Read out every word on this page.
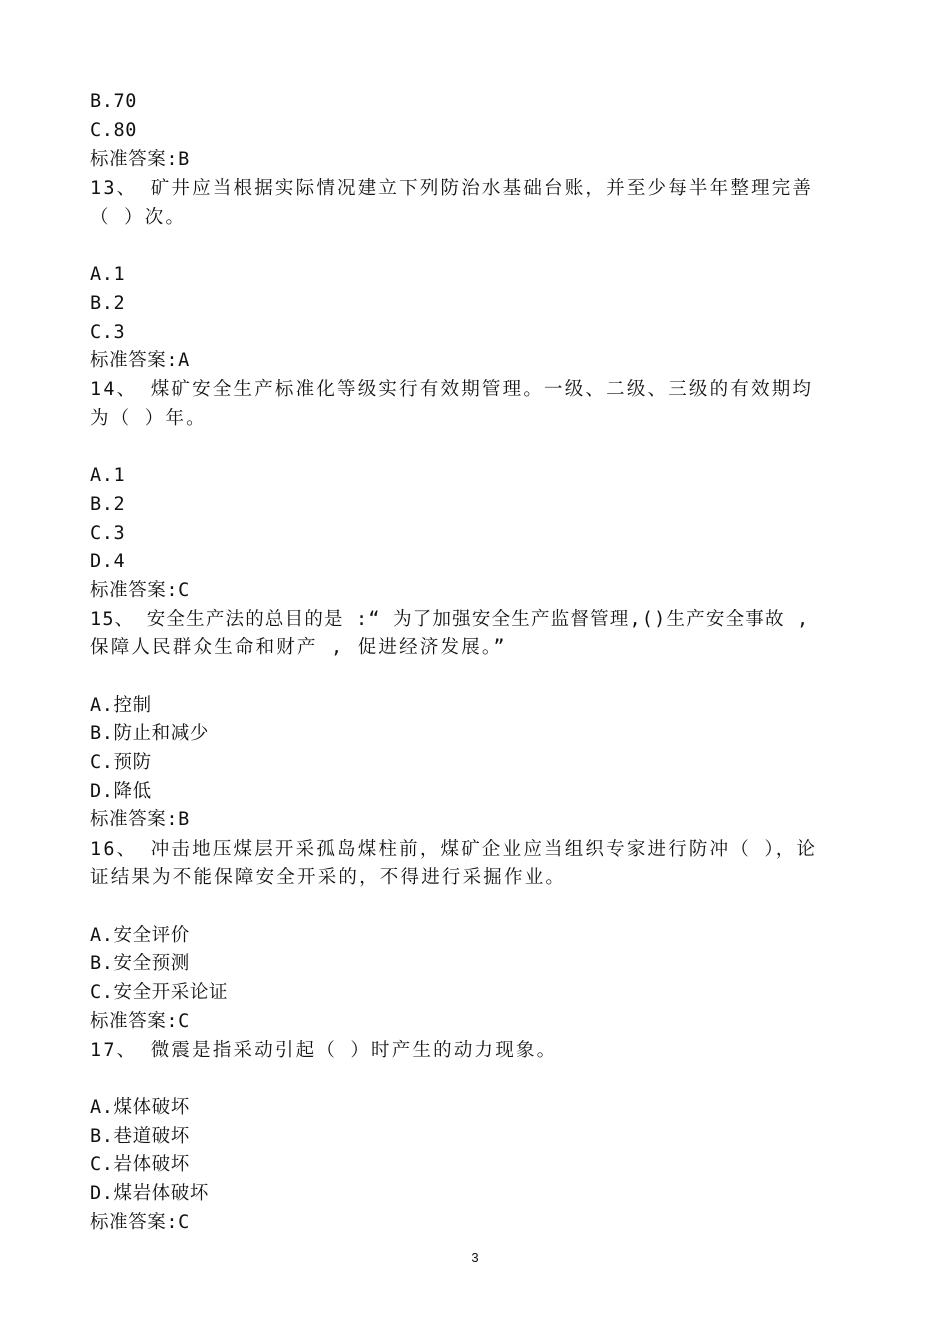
B.70
C.80
标准答案:B
13、 矿井应当根据实际情况建立下列防治水基础台账，并至少每半年整理完善
（ ）次。
A.1
B.2
C.3
标准答案:A
14、 煤矿安全生产标准化等级实行有效期管理。一级、二级、三级的有效期均
为（ ）年。
A.1
B.2
C.3
D.4
标准答案:C
15、 安全生产法的总目的是 :“ 为了加强安全生产监督管理,()生产安全事故 ,
保障人民群众生命和财产 , 促进经济发展。”
A.控制
B.防止和减少
C.预防
D.降低
标准答案:B
16、 冲击地压煤层开采孤岛煤柱前，煤矿企业应当组织专家进行防冲（ ），论
证结果为不能保障安全开采的，不得进行采掘作业。
A.安全评价
B.安全预测
C.安全开采论证
标准答案:C
17、 微震是指采动引起（ ）时产生的动力现象。
A.煤体破坏
B.巷道破坏
C.岩体破坏
D.煤岩体破坏
标准答案:C
3
